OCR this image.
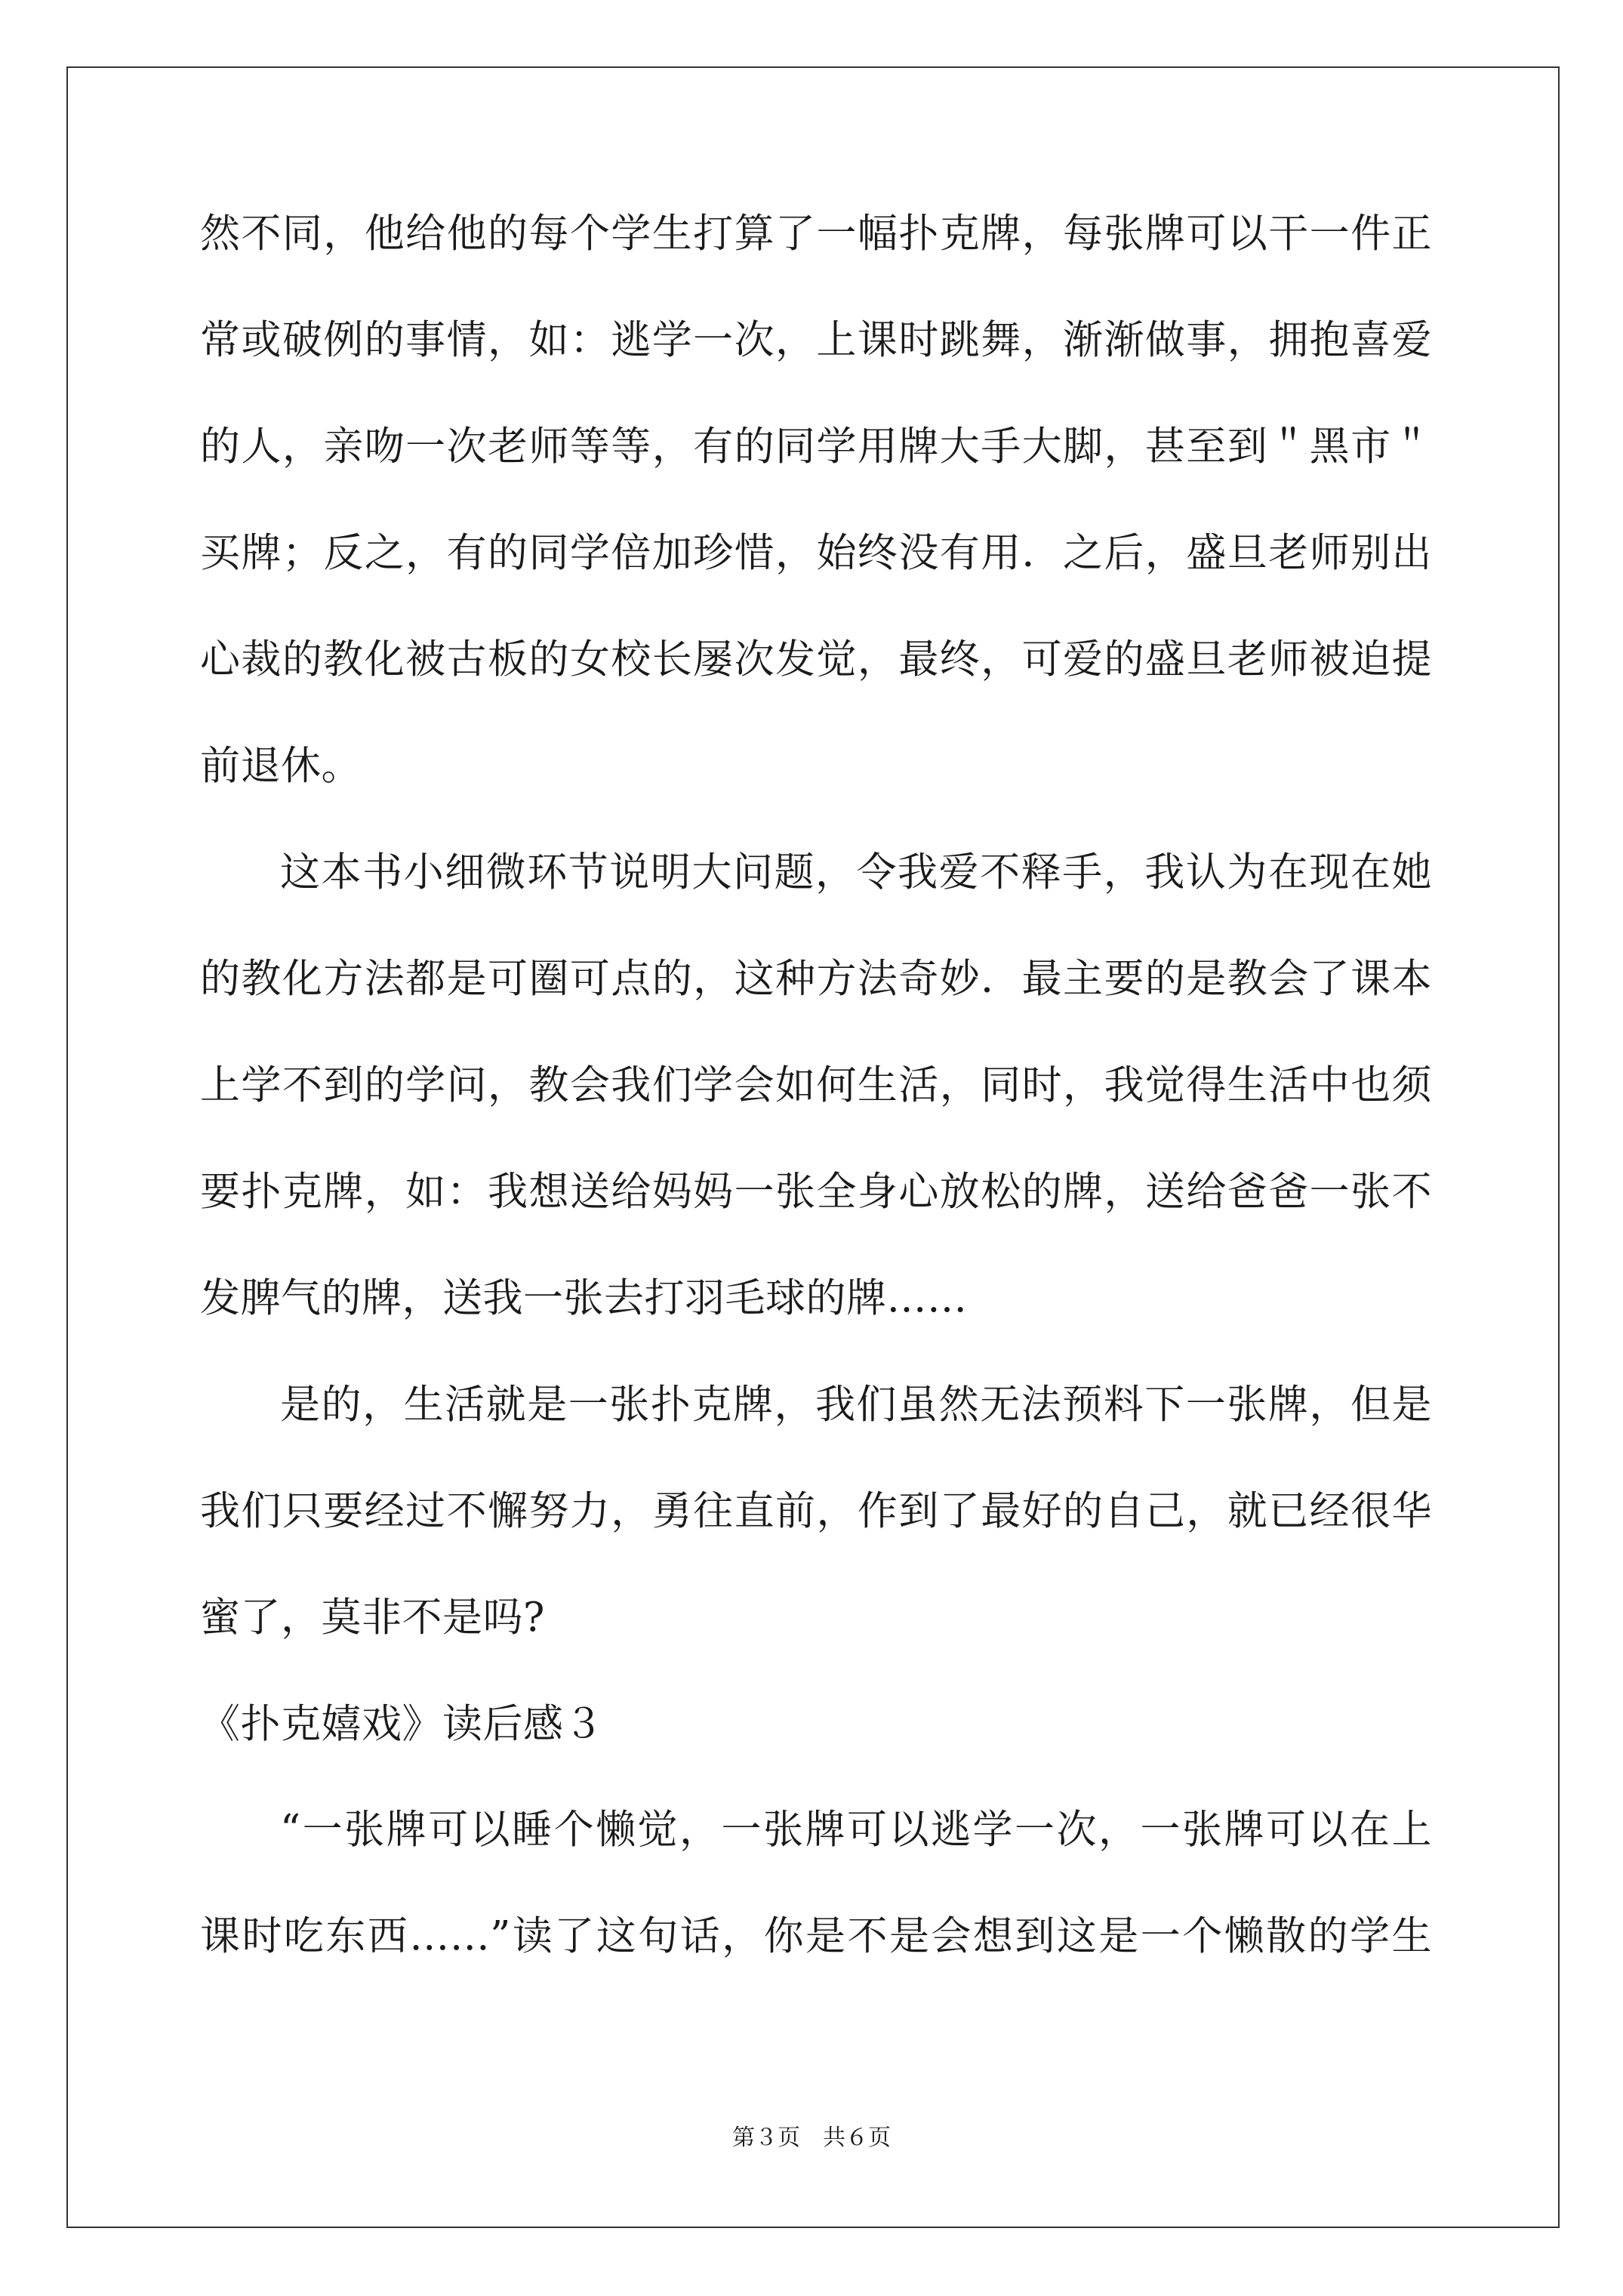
然不同，他给他的每个学生打算了一幅扑克牌，每张牌可以干一件正
常或破例的事情，如：逃学一次，上课时跳舞，渐渐做事，拥抱喜爱
的人，亲吻一次老师等等，有的同学用牌大手大脚，甚至到＂黑市＂
买牌；反之，有的同学倍加珍惜，始终没有用．之后，盛旦老师别出
心裁的教化被古板的女校长屡次发觉，最终，可爱的盛旦老师被迫提
前退休。
这本书小细微环节说明大问题，令我爱不释手，我认为在现在她
的教化方法都是可圈可点的，这种方法奇妙．最主要的是教会了课本
上学不到的学问，教会我们学会如何生活，同时，我觉得生活中也须
要扑克牌，如：我想送给妈妈一张全身心放松的牌，送给爸爸一张不
发脾气的牌，送我一张去打羽毛球的牌……
是的，生活就是一张扑克牌，我们虽然无法预料下一张牌，但是
我们只要经过不懈努力，勇往直前，作到了最好的自己，就已经很华
蜜了，莫非不是吗?
《扑克嬉戏》读后感３
“一张牌可以睡个懒觉，一张牌可以逃学一次，一张牌可以在上
课时吃东西……”读了这句话，你是不是会想到这是一个懒散的学生
第３页　共６页
